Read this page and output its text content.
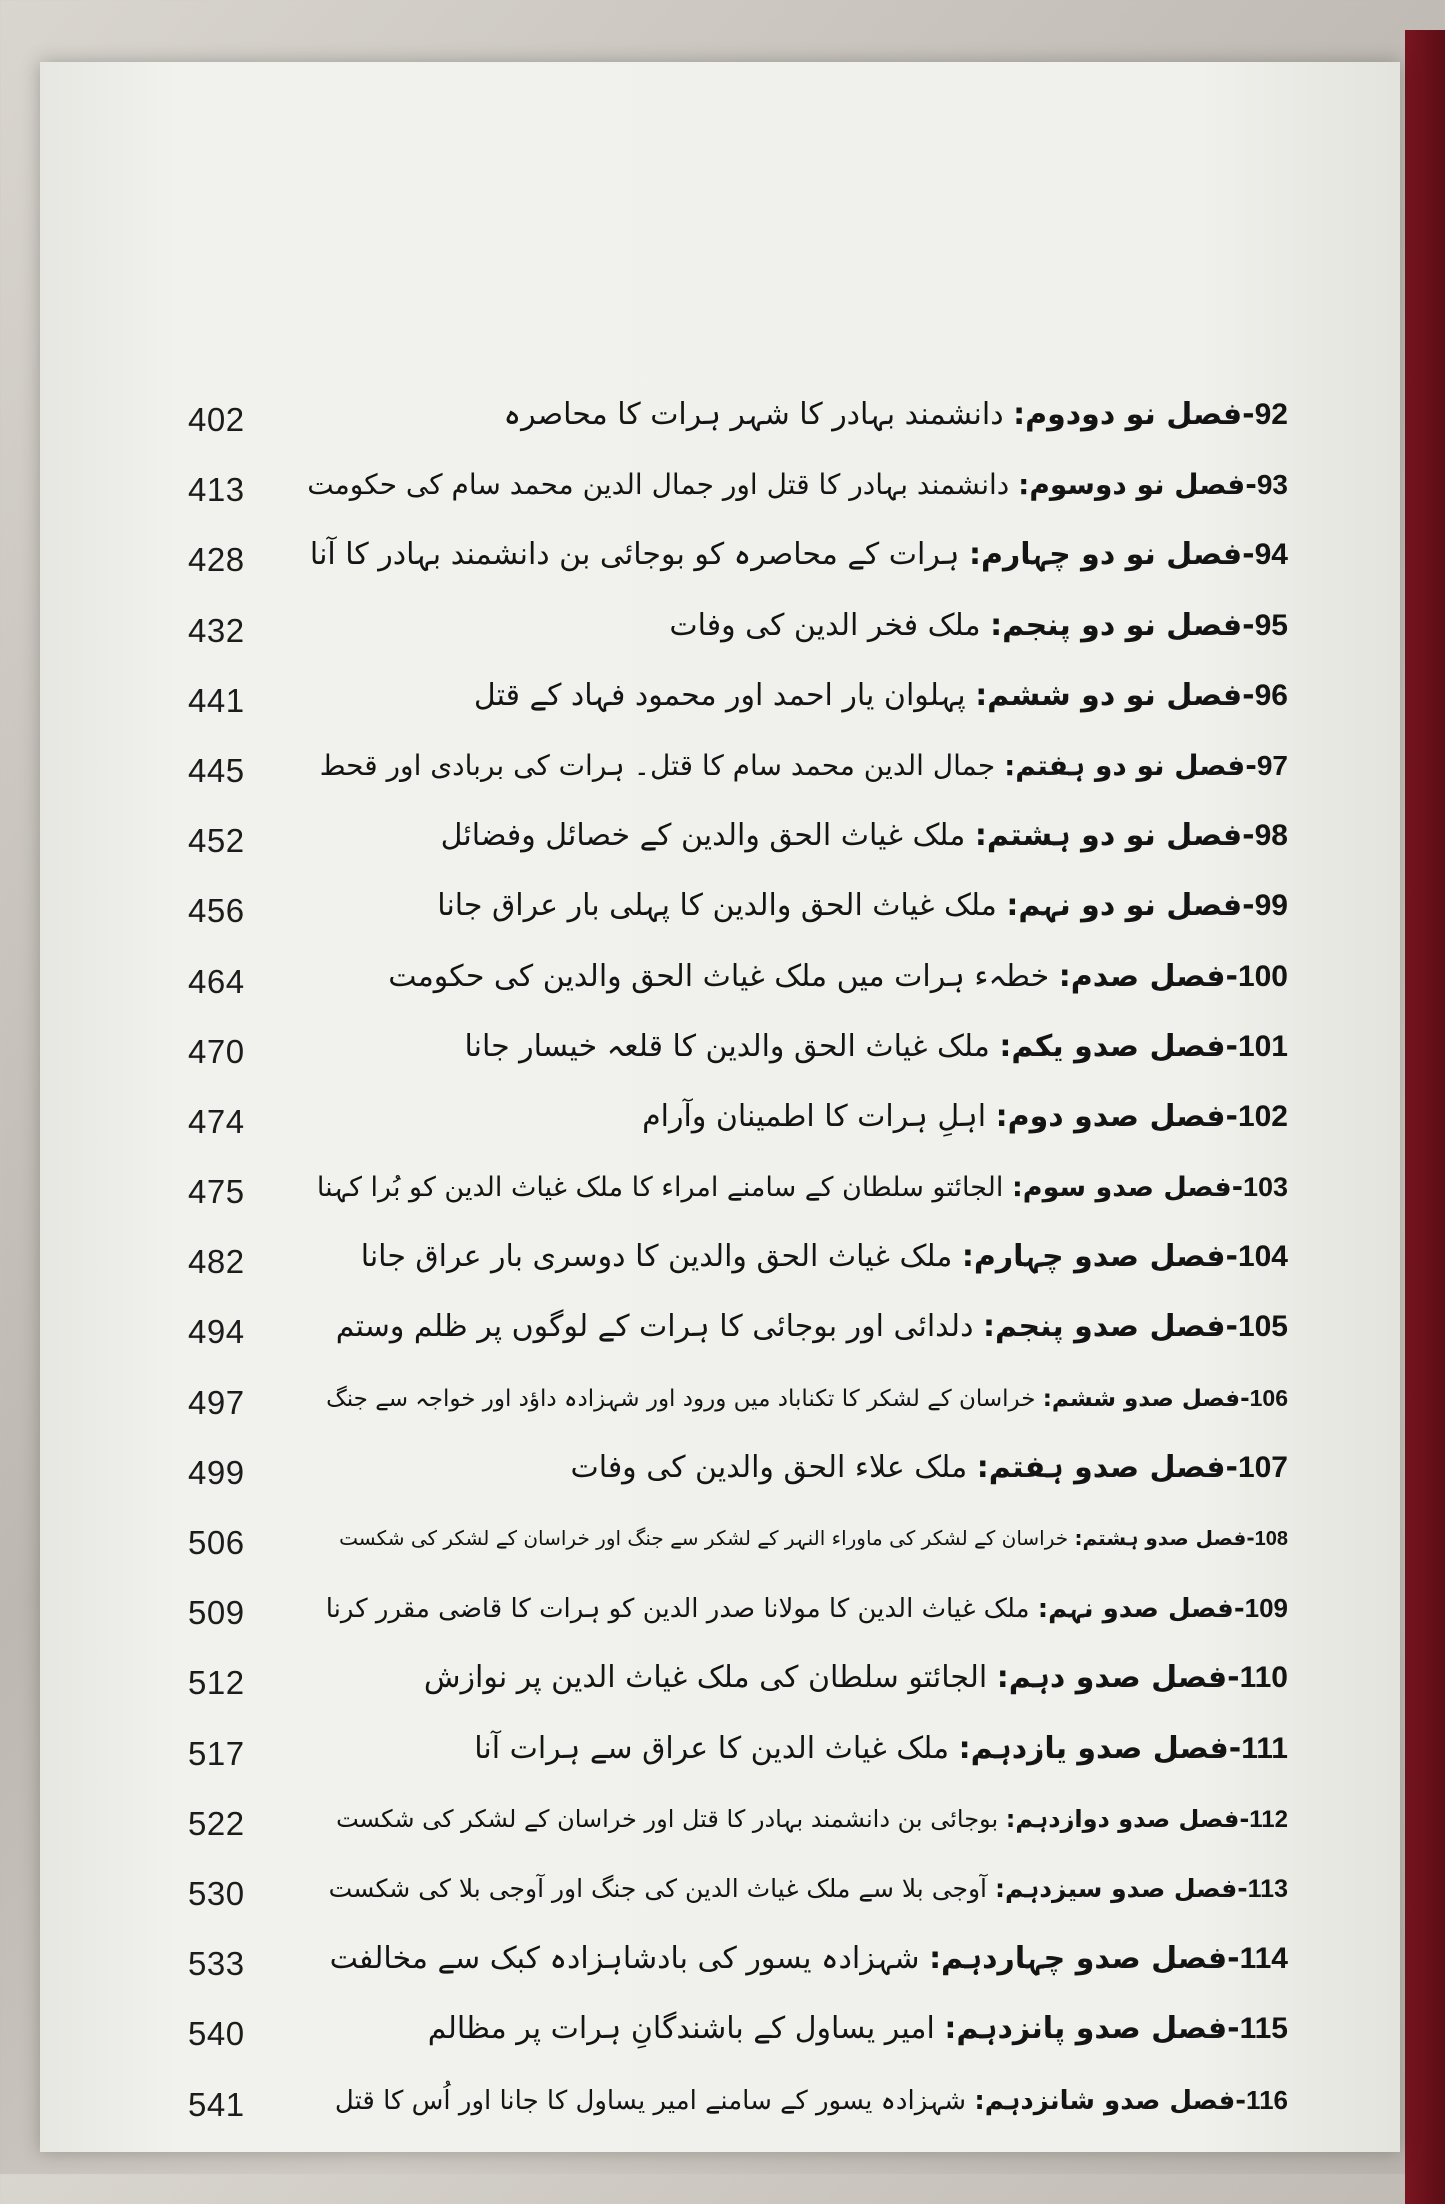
402	92-فصل نو دودوم: دانشمند بہادر کا شہر ہرات کا محاصرہ
413	93-فصل نو دوسوم: دانشمند بہادر کا قتل اور جمال الدین محمد سام کی حکومت
428	94-فصل نو دو چہارم: ہرات کے محاصرہ کو بوجائی بن دانشمند بہادر کا آنا
432	95-فصل نو دو پنجم: ملک فخر الدین کی وفات
441	96-فصل نو دو ششم: پہلوان یار احمد اور محمود فہاد کے قتل
445	97-فصل نو دو ہفتم: جمال الدین محمد سام کا قتل۔ ہرات کی بربادی اور قحط
452	98-فصل نو دو ہشتم: ملک غیاث الحق والدین کے خصائل وفضائل
456	99-فصل نو دو نہم: ملک غیاث الحق والدین کا پہلی بار عراق جانا
464	100-فصل صدم: خطہء ہرات میں ملک غیاث الحق والدین کی حکومت
470	101-فصل صدو یکم: ملک غیاث الحق والدین کا قلعہ خیسار جانا
474	102-فصل صدو دوم: اہلِ ہرات کا اطمینان وآرام
475	103-فصل صدو سوم: الجائتو سلطان کے سامنے امراء کا ملک غیاث الدین کو بُرا کہنا
482	104-فصل صدو چہارم: ملک غیاث الحق والدین کا دوسری بار عراق جانا
494	105-فصل صدو پنجم: دلدائی اور بوجائی کا ہرات کے لوگوں پر ظلم وستم
497	106-فصل صدو ششم: خراسان کے لشکر کا تکناباد میں ورود اور شہزادہ داؤد اور خواجہ سے جنگ
499	107-فصل صدو ہفتم: ملک علاء الحق والدین کی وفات
506	108-فصل صدو ہشتم: خراسان کے لشکر کی ماوراء النہر کے لشکر سے جنگ اور خراسان کے لشکر کی شکست
509	109-فصل صدو نہم: ملک غیاث الدین کا مولانا صدر الدین کو ہرات کا قاضی مقرر کرنا
512	110-فصل صدو دہم: الجائتو سلطان کی ملک غیاث الدین پر نوازش
517	111-فصل صدو یازدہم: ملک غیاث الدین کا عراق سے ہرات آنا
522	112-فصل صدو دوازدہم: بوجائی بن دانشمند بہادر کا قتل اور خراسان کے لشکر کی شکست
530	113-فصل صدو سیزدہم: آوجی بلا سے ملک غیاث الدین کی جنگ اور آوجی بلا کی شکست
533	114-فصل صدو چہاردہم: شہزادہ یسور کی بادشاہزادہ کبک سے مخالفت
540	115-فصل صدو پانزدہم: امیر یساول کے باشندگانِ ہرات پر مظالم
541	116-فصل صدو شانزدہم: شہزادہ یسور کے سامنے امیر یساول کا جانا اور اُس کا قتل
